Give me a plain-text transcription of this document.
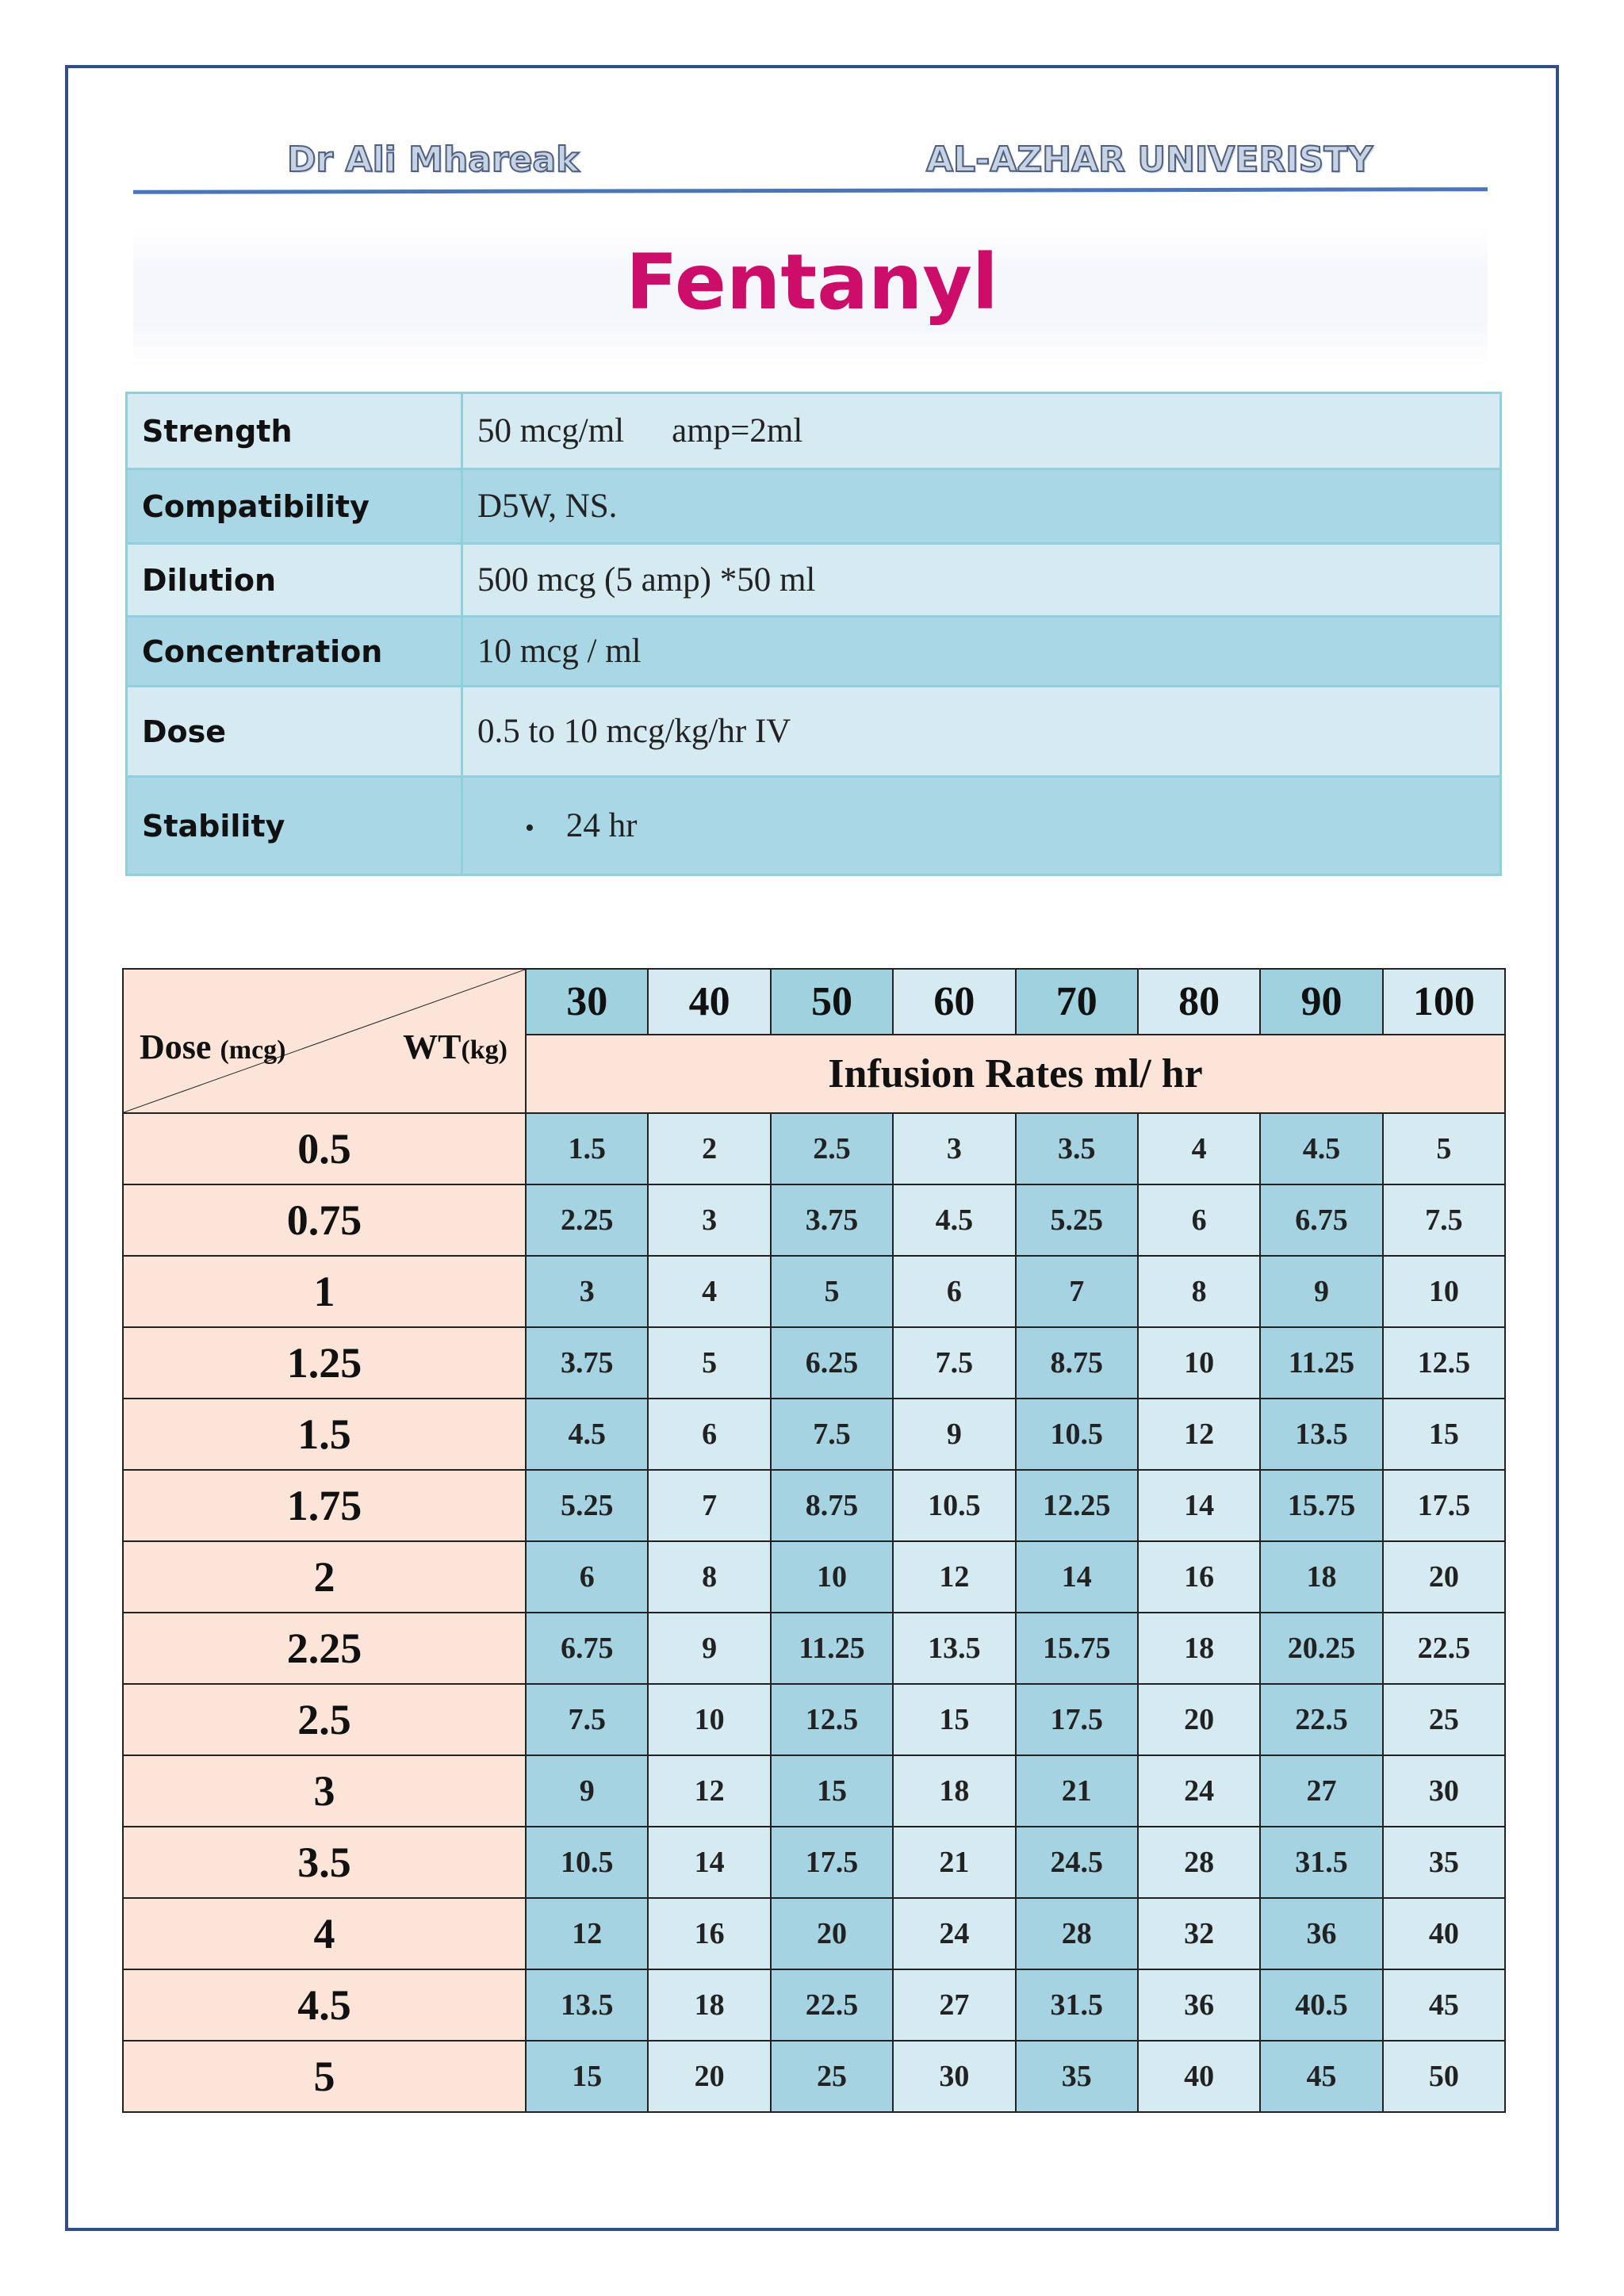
Dr Ali Mhareak	AL-AZHAR UNIVERISTY
Fentanyl
Strength	50 mcg/ml amp=2ml
Compatibility	D5W, NS.
Dilution	500 mcg (5 amp) *50 ml
Concentration	10 mcg / ml
Dose	0.5 to 10 mcg/kg/hr IV
Stability	• 24 hr
Dose (mcg) WT(kg)	30	40	50	60	70	80	90	100
	Infusion Rates ml/ hr							
0.5	1.5	2	2.5	3	3.5	4	4.5	5
0.75	2.25	3	3.75	4.5	5.25	6	6.75	7.5
1	3	4	5	6	7	8	9	10
1.25	3.75	5	6.25	7.5	8.75	10	11.25	12.5
1.5	4.5	6	7.5	9	10.5	12	13.5	15
1.75	5.25	7	8.75	10.5	12.25	14	15.75	17.5
2	6	8	10	12	14	16	18	20
2.25	6.75	9	11.25	13.5	15.75	18	20.25	22.5
2.5	7.5	10	12.5	15	17.5	20	22.5	25
3	9	12	15	18	21	24	27	30
3.5	10.5	14	17.5	21	24.5	28	31.5	35
4	12	16	20	24	28	32	36	40
4.5	13.5	18	22.5	27	31.5	36	40.5	45
5	15	20	25	30	35	40	45	50
